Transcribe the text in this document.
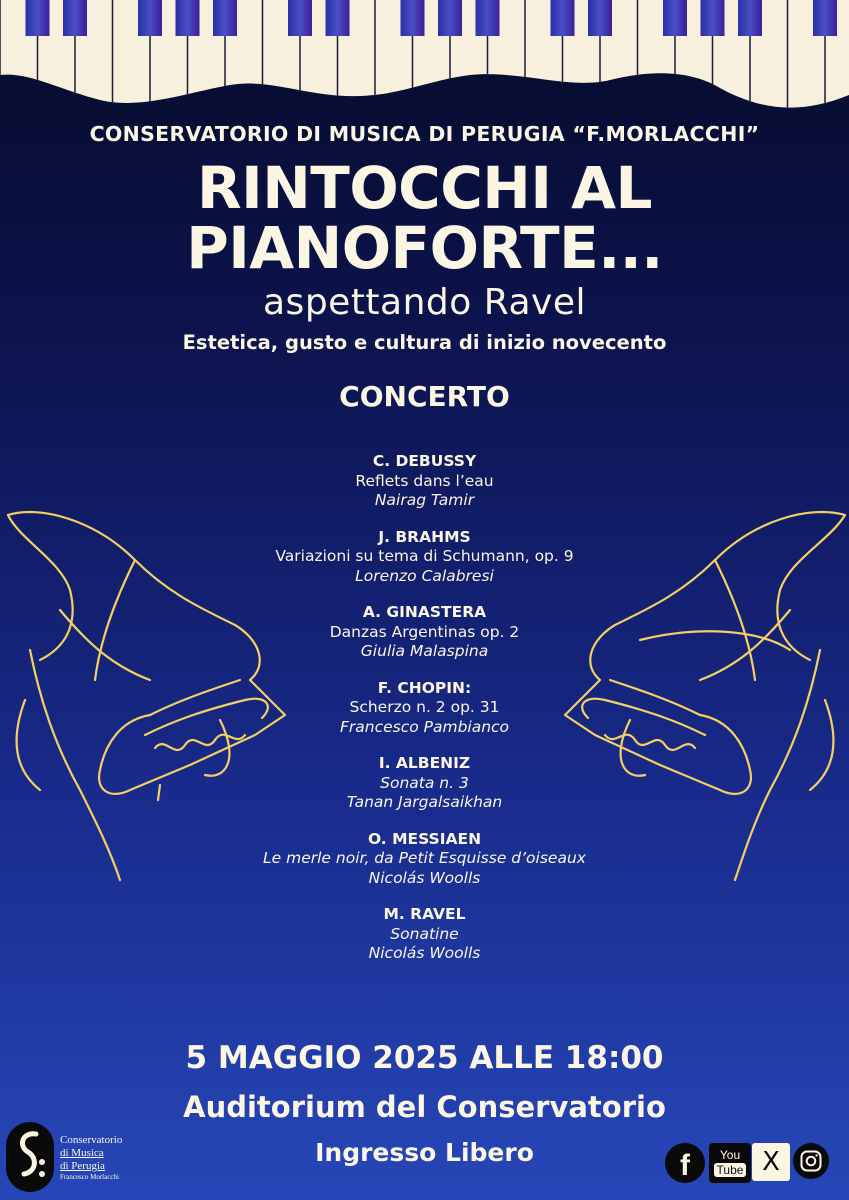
CONSERVATORIO DI MUSICA DI PERUGIA “F.MORLACCHI”
RINTOCCHI AL
PIANOFORTE...
aspettando Ravel
Estetica, gusto e cultura di inizio novecento
CONCERTO
C. DEBUSSY
Reflets dans l’eau
Nairag Tamir
J. BRAHMS
Variazioni su tema di Schumann, op. 9
Lorenzo Calabresi
A. GINASTERA
Danzas Argentinas op. 2
Giulia Malaspina
F. CHOPIN:
Scherzo n. 2 op. 31
Francesco Pambianco
I. ALBENIZ
Sonata n. 3
Tanan Jargalsaikhan
O. MESSIAEN
Le merle noir, da Petit Esquisse d’oiseaux
Nicolás Woolls
M. RAVEL
Sonatine
Nicolás Woolls
5 MAGGIO 2025 ALLE 18:00
Auditorium del Conservatorio
Ingresso Libero
Conservatorio
di Musica
di Perugia
Francesco Morlacchi	f You
Tube X
